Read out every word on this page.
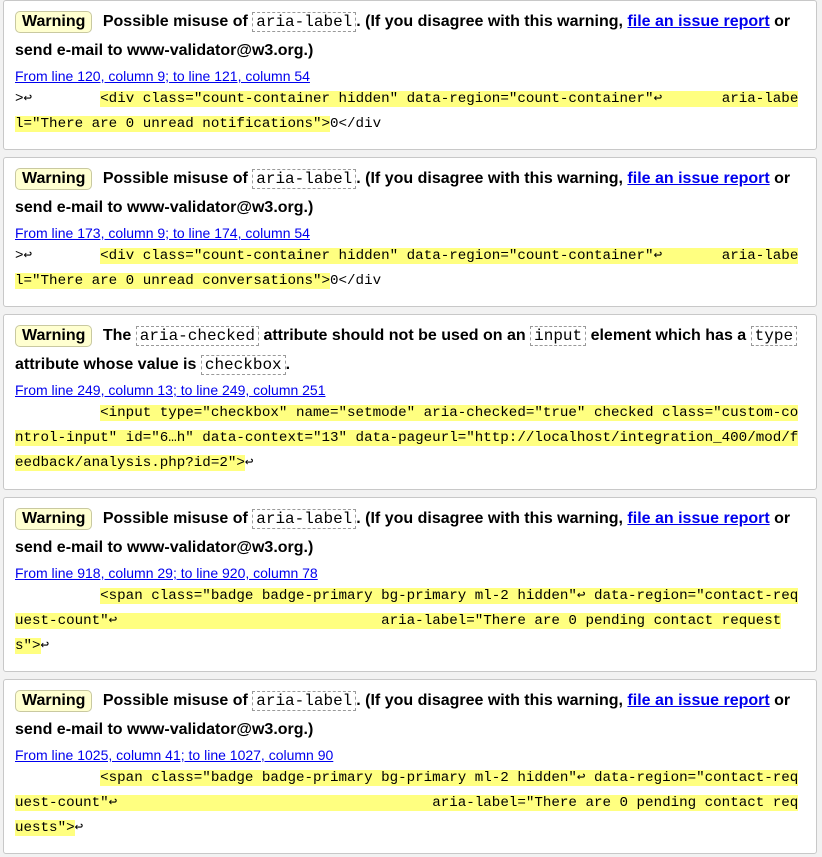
Warning Possible misuse of aria-label . (If you disagree with this warning, file an issue report or send e-mail to www-validator@w3.org.)
From line 120, column 9; to line 121, column 54
>↩        <div class="count-container hidden" data-region="count-container"↩       aria-label="There are 0 unread notifications">0</div
Warning Possible misuse of aria-label . (If you disagree with this warning, file an issue report or send e-mail to www-validator@w3.org.)
From line 173, column 9; to line 174, column 54
>↩        <div class="count-container hidden" data-region="count-container"↩       aria-label="There are 0 unread conversations">0</div
Warning The aria-checked attribute should not be used on an input element which has a type attribute whose value is checkbox .
From line 249, column 13; to line 249, column 251
<input type="checkbox" name="setmode" aria-checked="true" checked class="custom-control-input" id="6…h" data-context="13" data-pageurl="http://localhost/integration_400/mod/feedback/analysis.php?id=2">↩
Warning Possible misuse of aria-label . (If you disagree with this warning, file an issue report or send e-mail to www-validator@w3.org.)
From line 918, column 29; to line 920, column 78
<span class="badge badge-primary bg-primary ml-2 hidden"↩ data-region="contact-request-count"↩                               aria-label="There are 0 pending contact requests">↩
Warning Possible misuse of aria-label . (If you disagree with this warning, file an issue report or send e-mail to www-validator@w3.org.)
From line 1025, column 41; to line 1027, column 90
<span class="badge badge-primary bg-primary ml-2 hidden"↩ data-region="contact-request-count"↩                                     aria-label="There are 0 pending contact requests">↩
